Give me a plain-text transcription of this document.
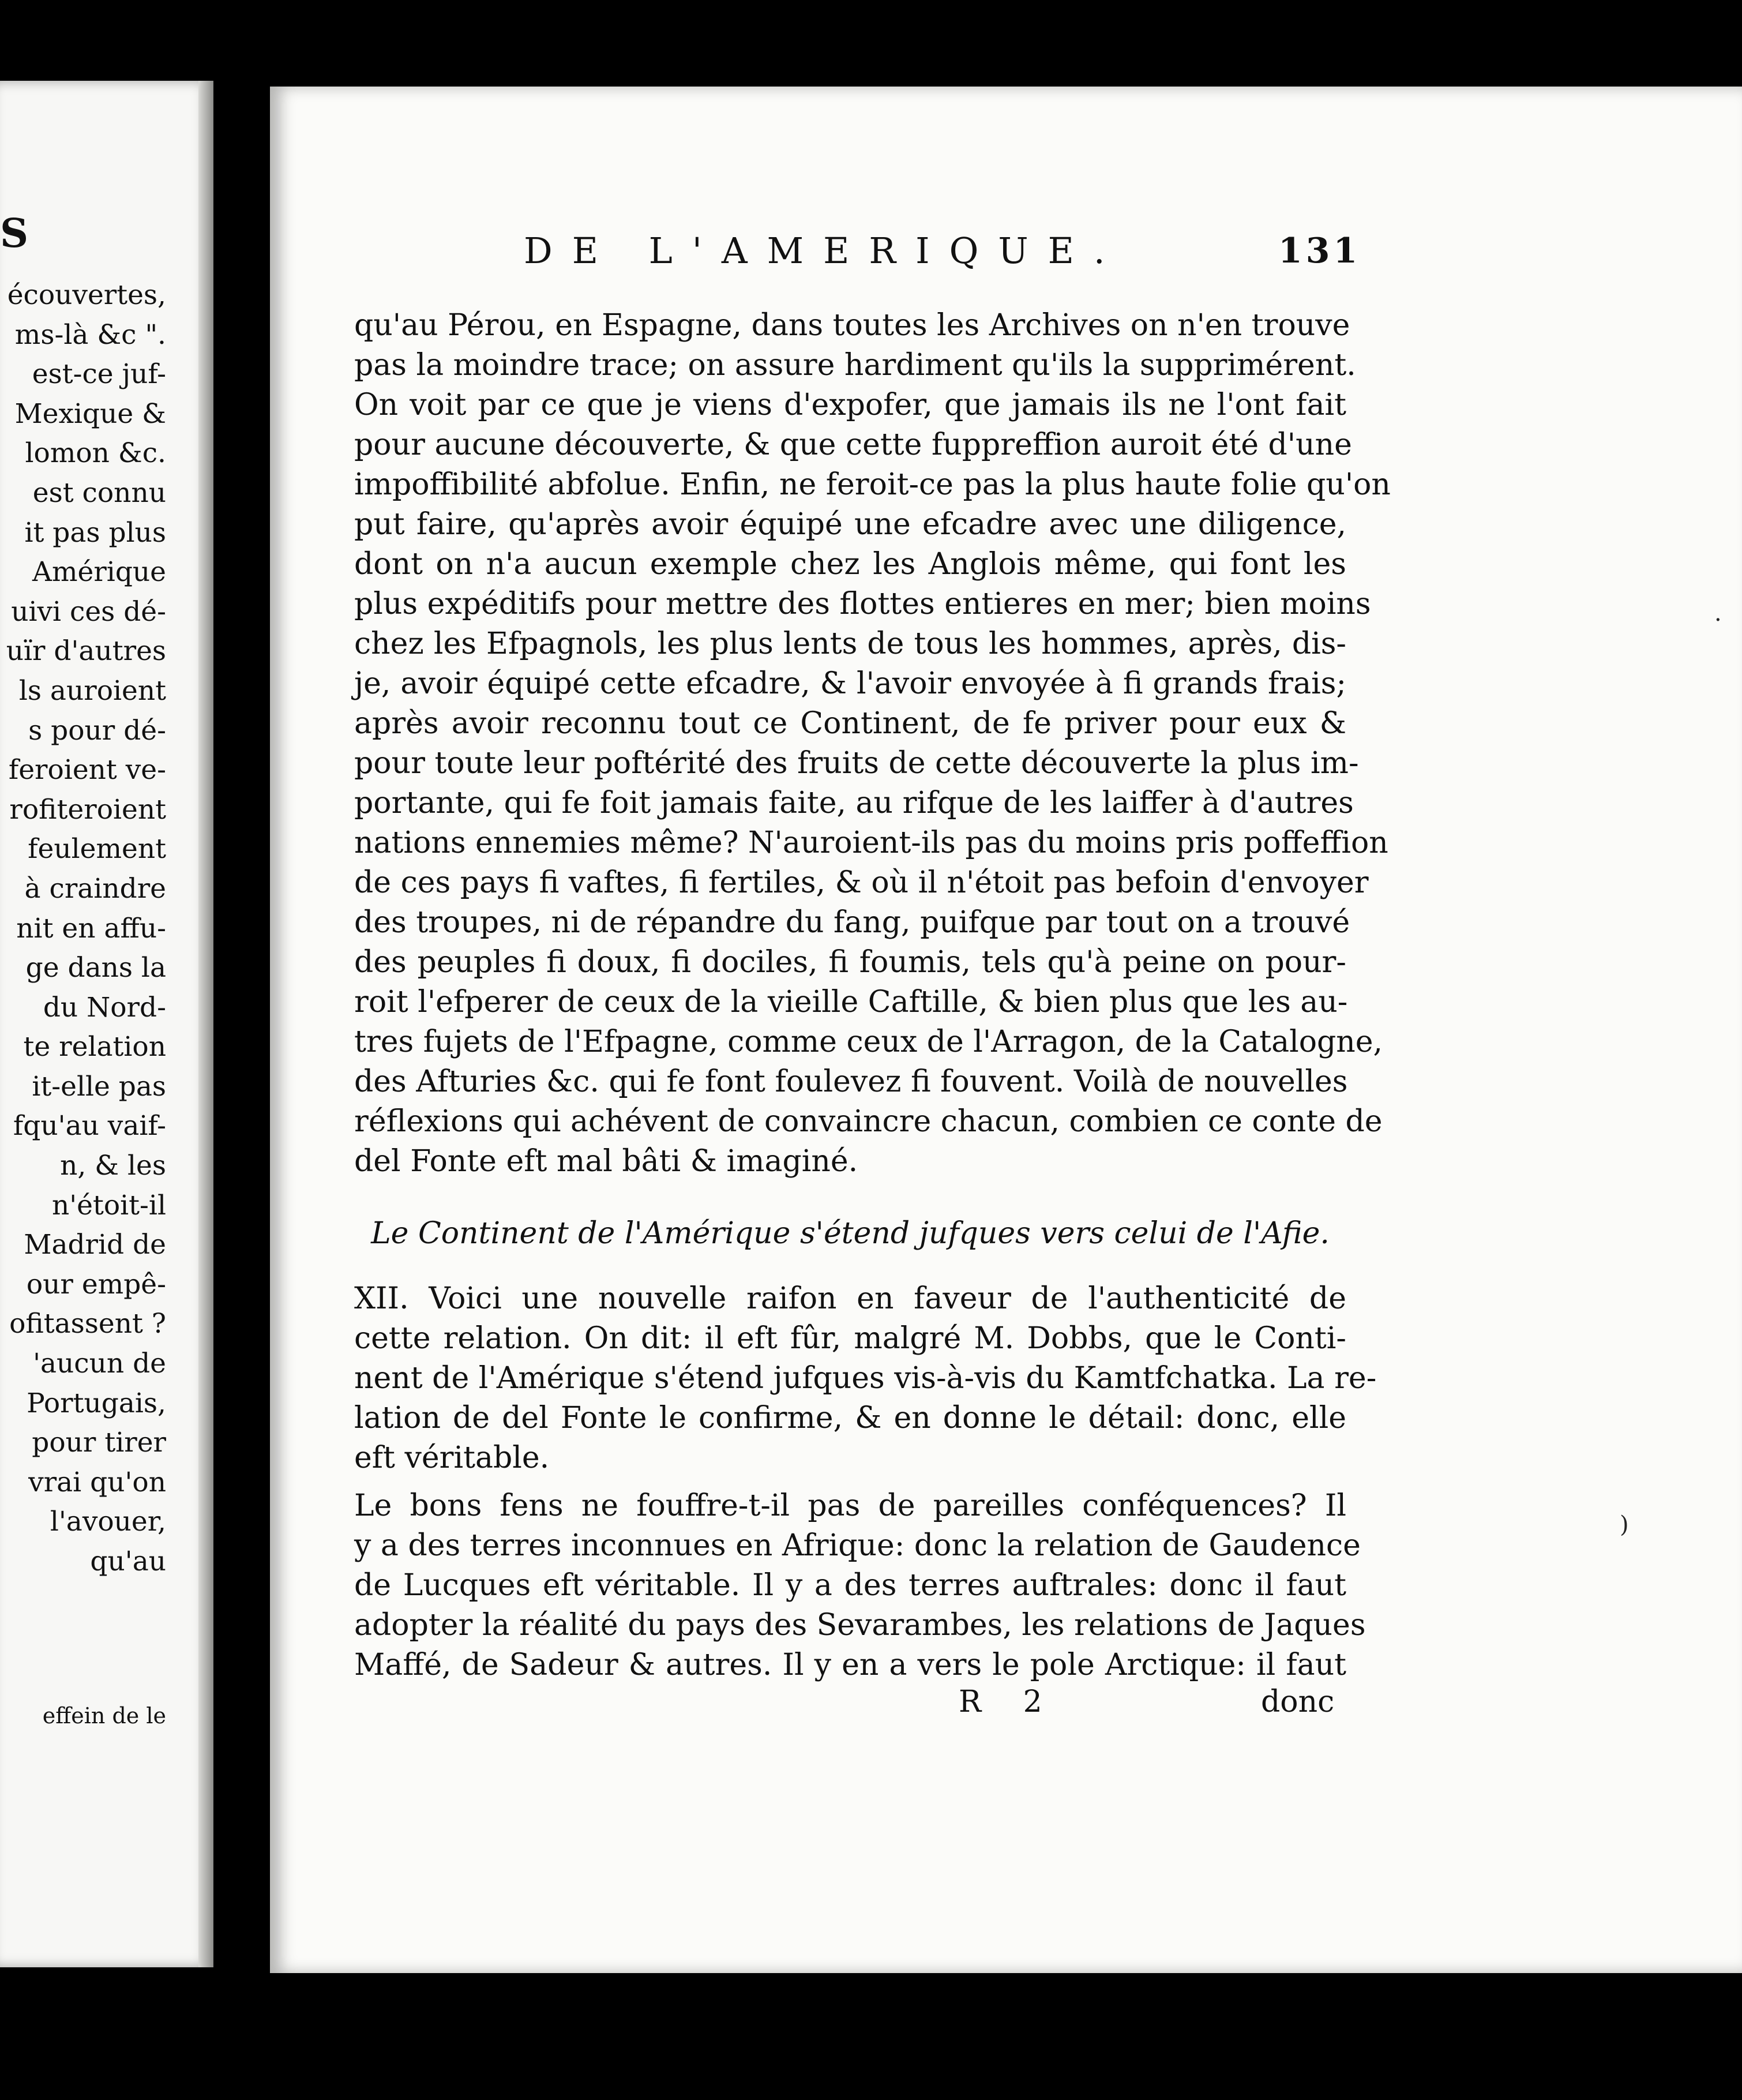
S
écouvertes,
ms-là &c ".
est-ce juf-
Mexique &
lomon &c.
est connu
it pas plus
Amérique
uivi ces dé-
uïr d'autres
ls auroient
s pour dé-
feroient ve-
rofiteroient
feulement
à craindre
nit en affu-
ge dans la
du Nord-
te relation
it-elle pas
fqu'au vaif-
n, & les
n'étoit-il
Madrid de
our empê-
ofitassent ?
'aucun de
Portugais,
pour tirer
vrai qu'on
l'avouer,
qu'au
effein de le
DE L'AMERIQUE.	131
qu'au Pérou, en Espagne, dans toutes les Archives on n'en trouve
pas la moindre trace; on assure hardiment qu'ils la supprimérent.
On voit par ce que je viens d'expofer, que jamais ils ne l'ont fait
pour aucune découverte, & que cette fuppreffion auroit été d'une
impoffibilité abfolue. Enfin, ne feroit-ce pas la plus haute folie qu'on
put faire, qu'après avoir équipé une efcadre avec une diligence,
dont on n'a aucun exemple chez les Anglois même, qui font les
plus expéditifs pour mettre des flottes entieres en mer; bien moins
chez les Efpagnols, les plus lents de tous les hommes, après, dis-
je, avoir équipé cette efcadre, & l'avoir envoyée à fi grands frais;
après avoir reconnu tout ce Continent, de fe priver pour eux &
pour toute leur poftérité des fruits de cette découverte la plus im-
portante, qui fe foit jamais faite, au rifque de les laiffer à d'autres
nations ennemies même? N'auroient-ils pas du moins pris poffeffion
de ces pays fi vaftes, fi fertiles, & où il n'étoit pas befoin d'envoyer
des troupes, ni de répandre du fang, puifque par tout on a trouvé
des peuples fi doux, fi dociles, fi foumis, tels qu'à peine on pour-
roit l'efperer de ceux de la vieille Caftille, & bien plus que les au-
tres fujets de l'Efpagne, comme ceux de l'Arragon, de la Catalogne,
des Afturies &c. qui fe font foulevez fi fouvent. Voilà de nouvelles
réflexions qui achévent de convaincre chacun, combien ce conte de
del Fonte eft mal bâti & imaginé.
Le Continent de l'Amérique s'étend jufques vers celui de l'Afie.
XII. Voici une nouvelle raifon en faveur de l'authenticité de
cette relation. On dit: il eft fûr, malgré M. Dobbs, que le Conti-
nent de l'Amérique s'étend jufques vis-à-vis du Kamtfchatka. La re-
lation de del Fonte le confirme, & en donne le détail: donc, elle
eft véritable.
Le bons fens ne fouffre-t-il pas de pareilles conféquences? Il
y a des terres inconnues en Afrique: donc la relation de Gaudence
de Lucques eft véritable. Il y a des terres auftrales: donc il faut
adopter la réalité du pays des Sevarambes, les relations de Jaques
Maffé, de Sadeur & autres. Il y en a vers le pole Arctique: il faut
R 2	donc
.
)
